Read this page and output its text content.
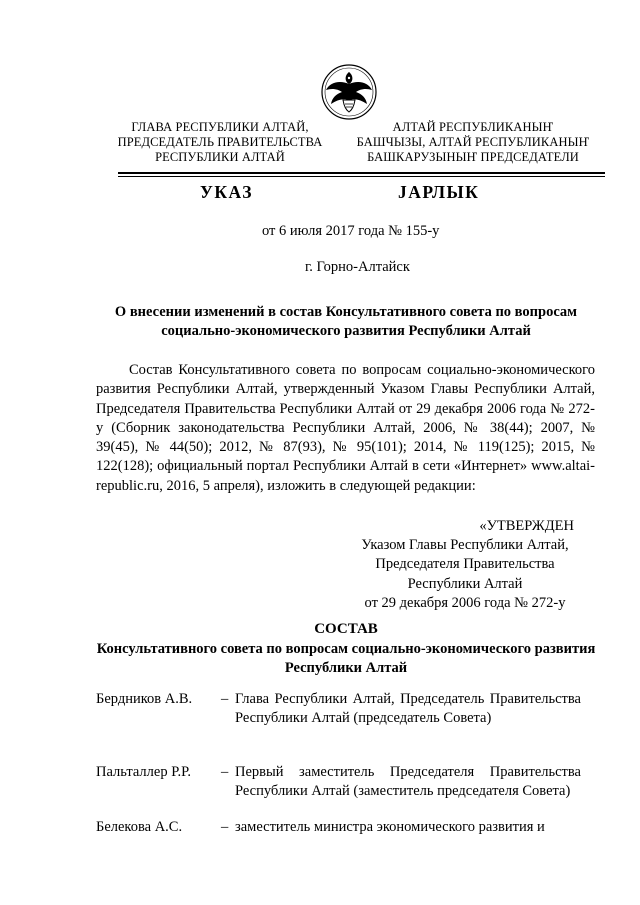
ГЛАВА РЕСПУБЛИКИ АЛТАЙ,
ПРЕДСЕДАТЕЛЬ ПРАВИТЕЛЬСТВА
РЕСПУБЛИКИ АЛТАЙ
АЛТАЙ РЕСПУБЛИКАНЫҤ
БАШЧЫЗЫ, АЛТАЙ РЕСПУБЛИКАНЫҤ
БАШКАРУЗЫНЫҤ ПРЕДСЕДАТЕЛИ
УКАЗ	ЈАРЛЫК
от 6 июля 2017 года № 155-у
г. Горно-Алтайск
О внесении изменений в состав Консультативного совета по вопросам социально-экономического развития Республики Алтай
Состав Консультативного совета по вопросам социально-экономического развития Республики Алтай, утвержденный Указом Главы Республики Алтай, Председателя Правительства Республики Алтай от 29 декабря 2006 года № 272-у (Сборник законодательства Республики Алтай, 2006, № 38(44); 2007, № 39(45), № 44(50); 2012, № 87(93), № 95(101); 2014, № 119(125); 2015, № 122(128); официальный портал Республики Алтай в сети «Интернет» www.altai-republic.ru, 2016, 5 апреля), изложить в следующей редакции:
«УТВЕРЖДЕН
Указом Главы Республики Алтай,
Председателя Правительства
Республики Алтай
от 29 декабря 2006 года № 272-у
СОСТАВ
Консультативного совета по вопросам социально-экономического развития Республики Алтай
Бердников А.В.	– Глава Республики Алтай, Председатель Правительства Республики Алтай (председатель Совета)
Пальталлер Р.Р.	– Первый заместитель Председателя Правительства Республики Алтай (заместитель председателя Совета)
Белекова А.С.	– заместитель министра экономического развития и
